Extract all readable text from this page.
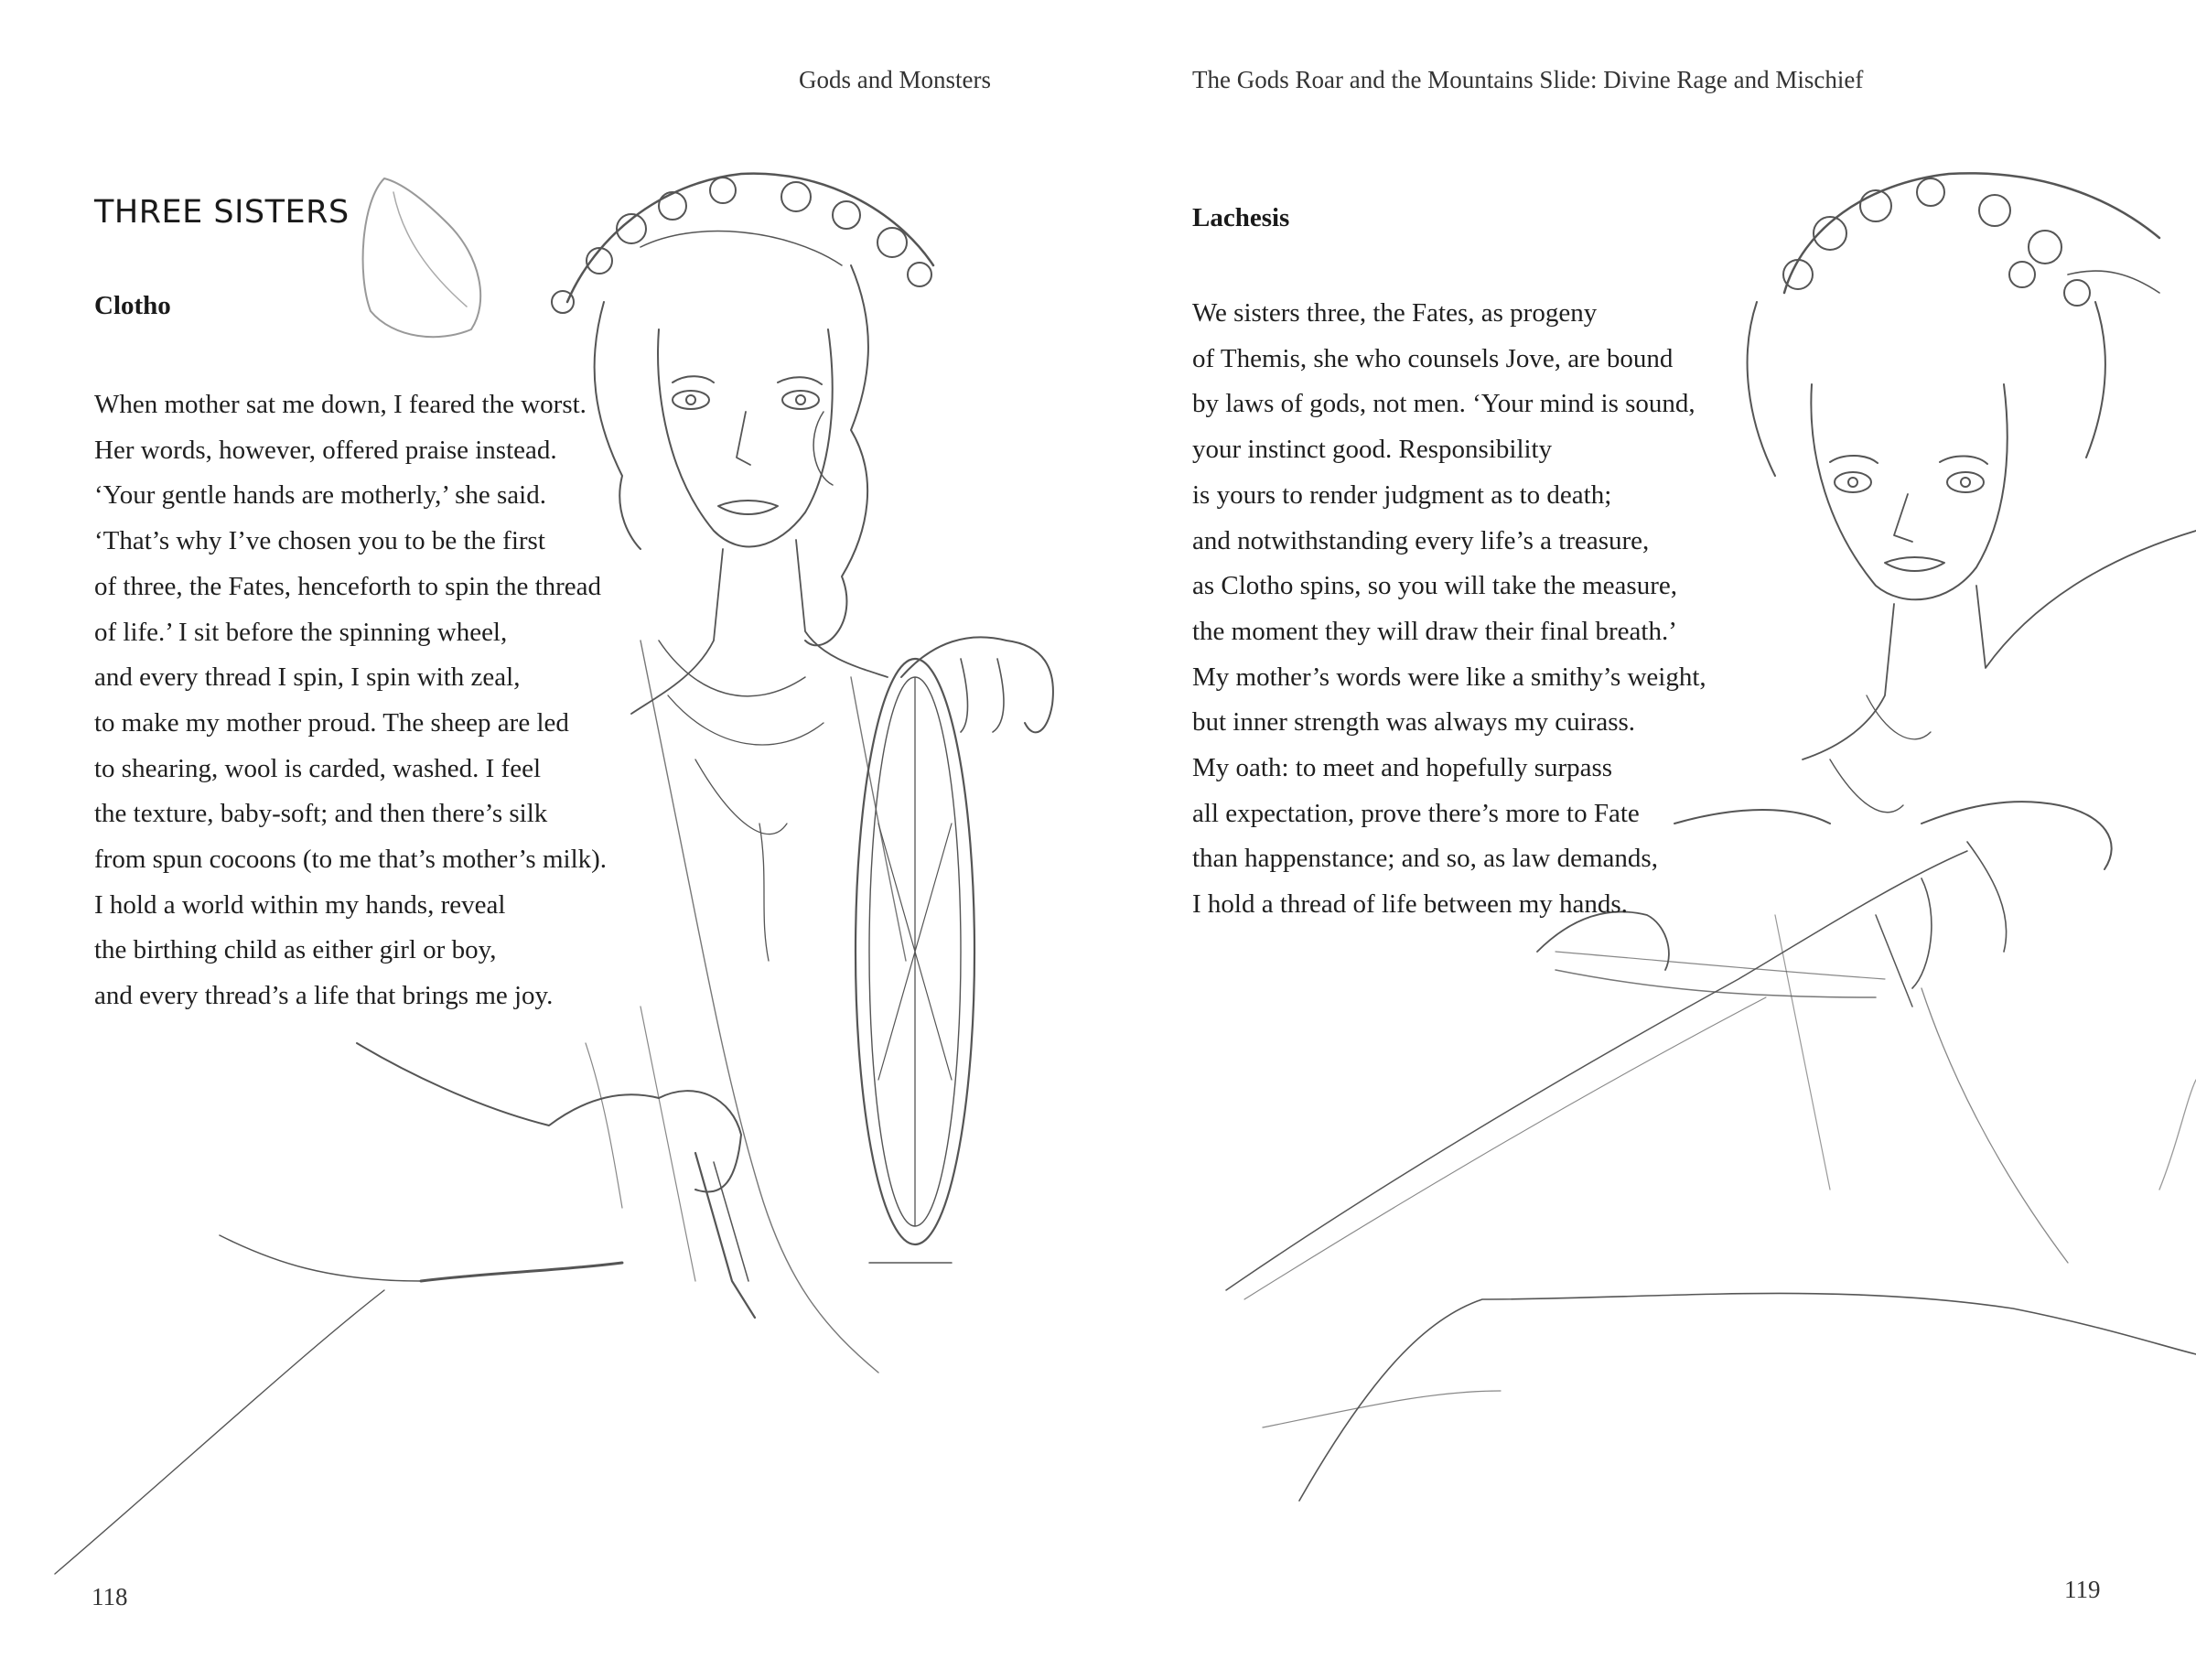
Gods and Monsters
THREE SISTERS
Clotho
When mother sat me down, I feared the worst.
Her words, however, offered praise instead.
‘Your gentle hands are motherly,’ she said.
‘That’s why I’ve chosen you to be the first
of three, the Fates, henceforth to spin the thread
of life.’ I sit before the spinning wheel,
and every thread I spin, I spin with zeal,
to make my mother proud. The sheep are led
to shearing, wool is carded, washed. I feel
the texture, baby-soft; and then there’s silk
from spun cocoons (to me that’s mother’s milk).
I hold a world within my hands, reveal
the birthing child as either girl or boy,
and every thread’s a life that brings me joy.
118
The Gods Roar and the Mountains Slide: Divine Rage and Mischief
Lachesis
We sisters three, the Fates, as progeny
of Themis, she who counsels Jove, are bound
by laws of gods, not men. ‘Your mind is sound,
your instinct good. Responsibility
is yours to render judgment as to death;
and notwithstanding every life’s a treasure,
as Clotho spins, so you will take the measure,
the moment they will draw their final breath.’
My mother’s words were like a smithy’s weight,
but inner strength was always my cuirass.
My oath: to meet and hopefully surpass
all expectation, prove there’s more to Fate
than happenstance; and so, as law demands,
I hold a thread of life between my hands.
119
